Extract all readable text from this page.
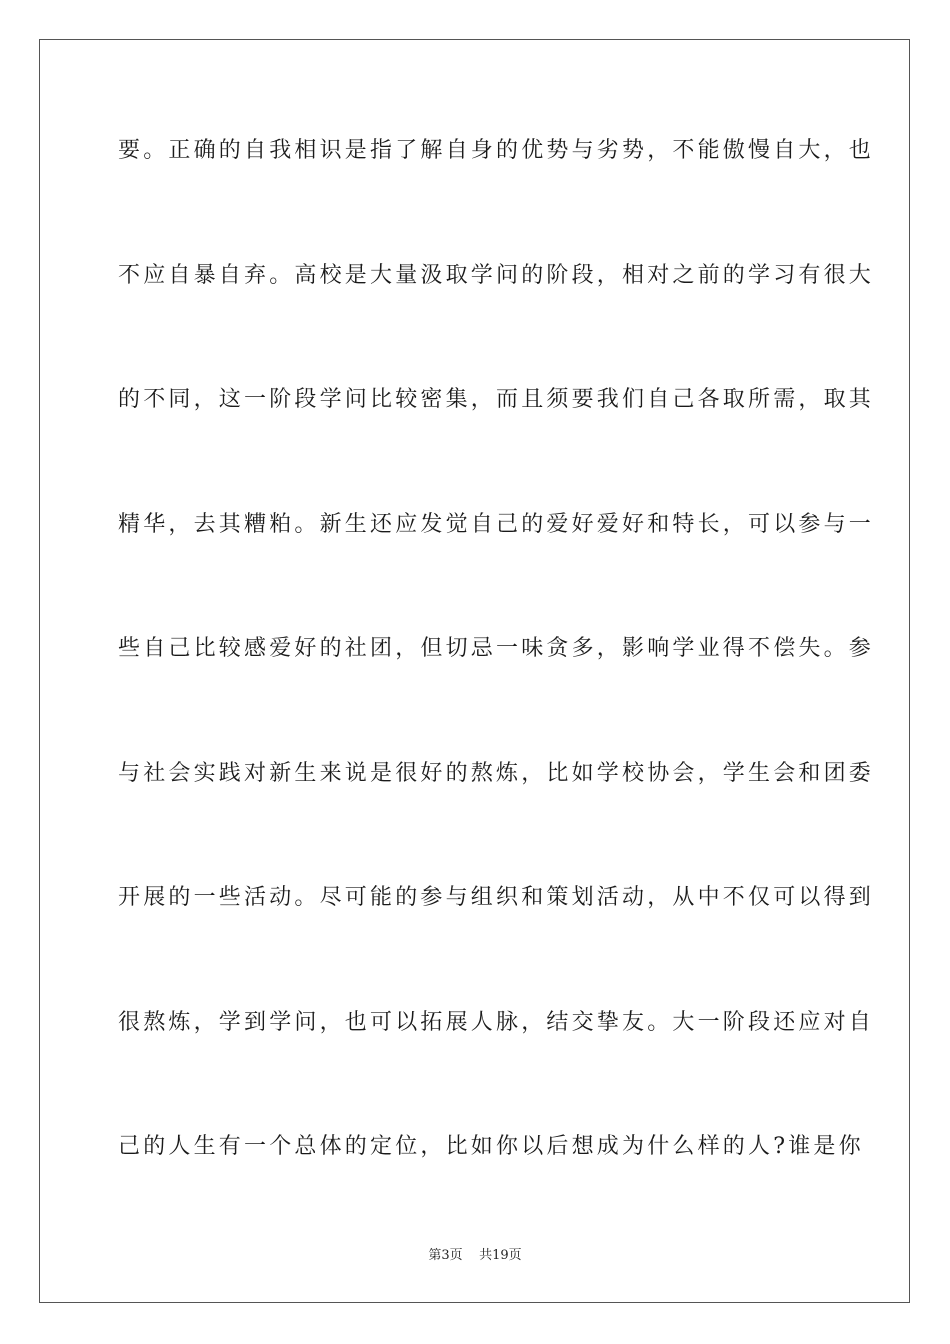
要。正确的自我相识是指了解自身的优势与劣势，不能傲慢自大，也
不应自暴自弃。高校是大量汲取学问的阶段，相对之前的学习有很大
的不同，这一阶段学问比较密集，而且须要我们自己各取所需，取其
精华，去其糟粕。新生还应发觉自己的爱好爱好和特长，可以参与一
些自己比较感爱好的社团，但切忌一味贪多，影响学业得不偿失。参
与社会实践对新生来说是很好的熬炼，比如学校协会，学生会和团委
开展的一些活动。尽可能的参与组织和策划活动，从中不仅可以得到
很熬炼，学到学问，也可以拓展人脉，结交挚友。大一阶段还应对自
己的人生有一个总体的定位，比如你以后想成为什么样的人?谁是你
第3页 共19页
